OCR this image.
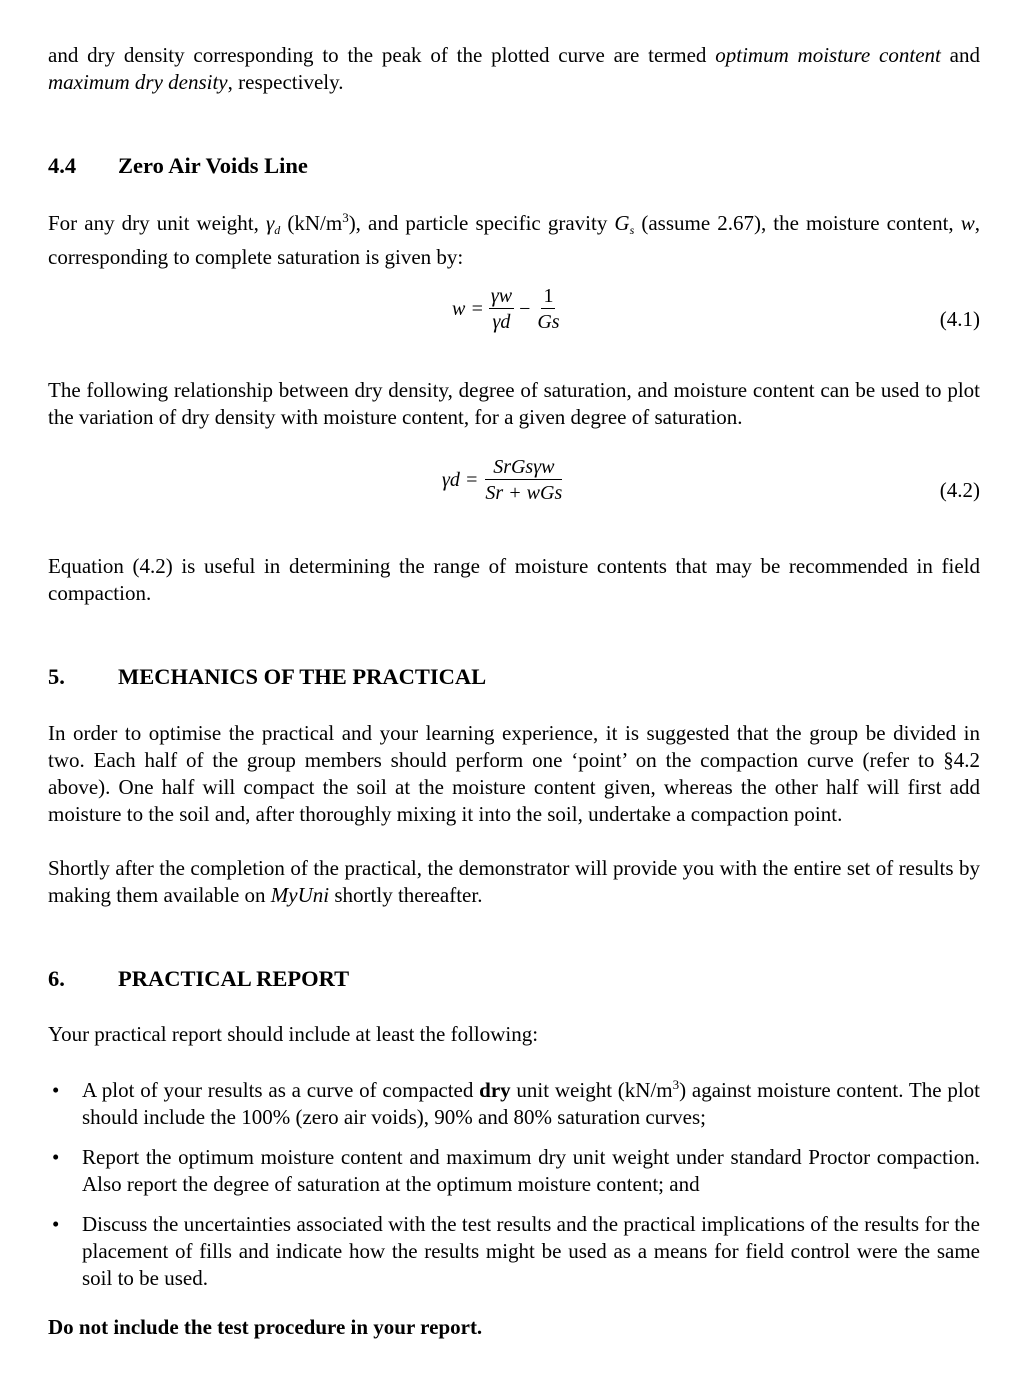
and dry density corresponding to the peak of the plotted curve are termed optimum moisture content and maximum dry density, respectively.

4.4	Zero Air Voids Line

For any dry unit weight, $\gamma_d$ $(kN/m^3)$, and particle specific gravity $G_s$ (assume 2.67), the moisture content, w, corresponding to complete saturation is given by:

$w = \frac{\gamma w}{\gamma d} - \frac{1}{Gs}$	(4.1)

The following relationship between dry density, degree of saturation, and moisture content can be used to plot the variation of dry density with moisture content, for a given degree of saturation.

$\gamma d = \frac{\text{SrGsγw}}{\text{Sr + wGs}}$	(4.2)

Equation (4.2) is useful in determining the range of moisture contents that may be recommended in field compaction.

5.	MECHANICS OF THE PRACTICAL

In order to optimise the practical and your learning experience, it is suggested that the group be divided in two. Each half of the group members should perform one ‘point’ on the compaction curve (refer to §4.2 above). One half will compact the soil at the moisture content given, whereas the other half will first add moisture to the soil and, after thoroughly mixing it into the soil, undertake a compaction point.

Shortly after the completion of the practical, the demonstrator will provide you with the entire set of results by making them available on MyUni shortly thereafter.

6.	PRACTICAL REPORT

Your practical report should include at least the following:

• A plot of your results as a curve of compacted dry unit weight $(kN/m^3)$ against moisture content. The plot should include the 100% (zero air voids), 90% and 80% saturation curves;
• Report the optimum moisture content and maximum dry unit weight under standard Proctor compaction. Also report the degree of saturation at the optimum moisture content; and
• Discuss the uncertainties associated with the test results and the practical implications of the results for the placement of fills and indicate how the results might be used as a means for field control were the same soil to be used.

Do not include the test procedure in your report.
